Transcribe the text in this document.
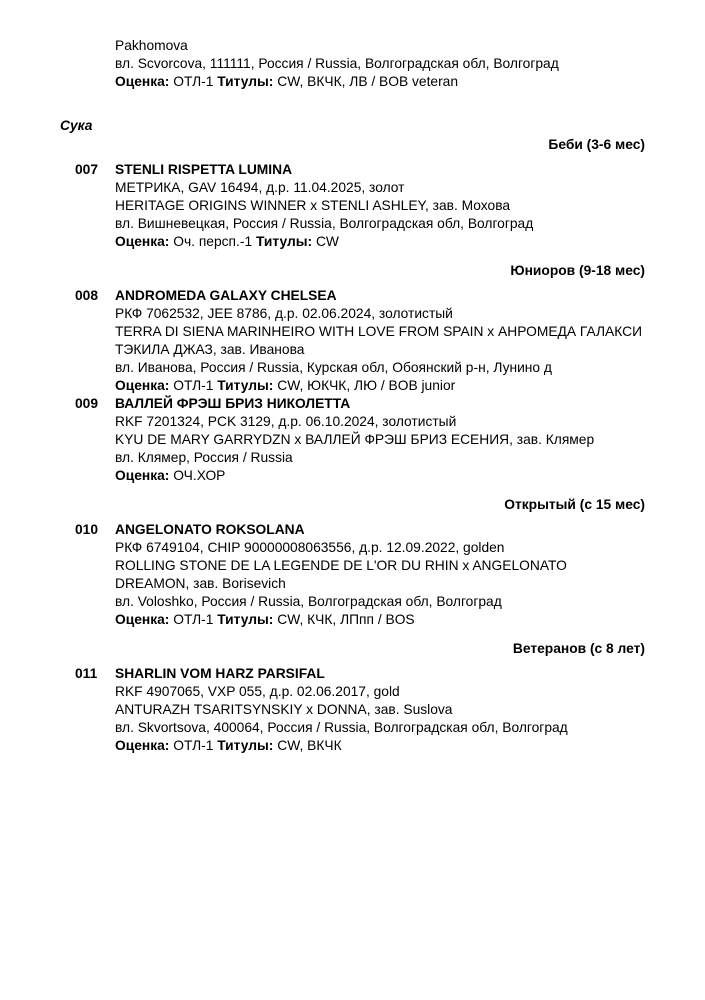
Pakhomova
вл. Scvorcova, 111111, Россия / Russia, Волгоградская обл, Волгоград
Оценка: ОТЛ-1 Титулы: CW, ВКЧК, ЛВ / BOB veteran
Сука
Беби (3-6 мес)
007	STENLI RISPETTA LUMINA
МЕТРИКА, GAV 16494, д.р. 11.04.2025, золот
HERITAGE ORIGINS WINNER x STENLI ASHLEY, зав. Мохова
вл. Вишневецкая, Россия / Russia, Волгоградская обл, Волгоград
Оценка: Оч. персп.-1 Титулы: CW
Юниоров (9-18 мес)
008	ANDROMEDA GALAXY CHELSEA
РКФ 7062532, JEE 8786, д.р. 02.06.2024, золотистый
TERRA DI SIENA MARINHEIRO WITH LOVE FROM SPAIN x АНРОМЕДА ГАЛАКСИ ТЭКИЛА ДЖАЗ, зав. Иванова
вл. Иванова, Россия / Russia, Курская обл, Обоянский р-н, Лунино д
Оценка: ОТЛ-1 Титулы: CW, ЮКЧК, ЛЮ / BOB junior
009	ВАЛЛЕЙ ФРЭШ БРИЗ НИКОЛЕТТА
RKF 7201324, PCK 3129, д.р. 06.10.2024, золотистый
KYU DE MARY GARRYDZN x ВАЛЛЕЙ ФРЭШ БРИЗ ЕСЕНИЯ, зав. Клямер
вл. Клямер, Россия / Russia
Оценка: ОЧ.ХОР
Открытый (с 15 мес)
010	ANGELONATO ROKSOLANA
РКФ 6749104, CHIP 90000008063556, д.р. 12.09.2022, golden
ROLLING STONE DE LA LEGENDE DE L'OR DU RHIN x ANGELONATO DREAMON, зав. Borisevich
вл. Voloshko, Россия / Russia, Волгоградская обл, Волгоград
Оценка: ОТЛ-1 Титулы: CW, КЧК, ЛПпп / BOS
Ветеранов (с 8 лет)
011	SHARLIN VOM HARZ PARSIFAL
RKF 4907065, VXP 055, д.р. 02.06.2017, gold
ANTURAZH TSARITSYNSKIY x DONNA, зав. Suslova
вл. Skvortsova, 400064, Россия / Russia, Волгоградская обл, Волгоград
Оценка: ОТЛ-1 Титулы: CW, ВКЧК
